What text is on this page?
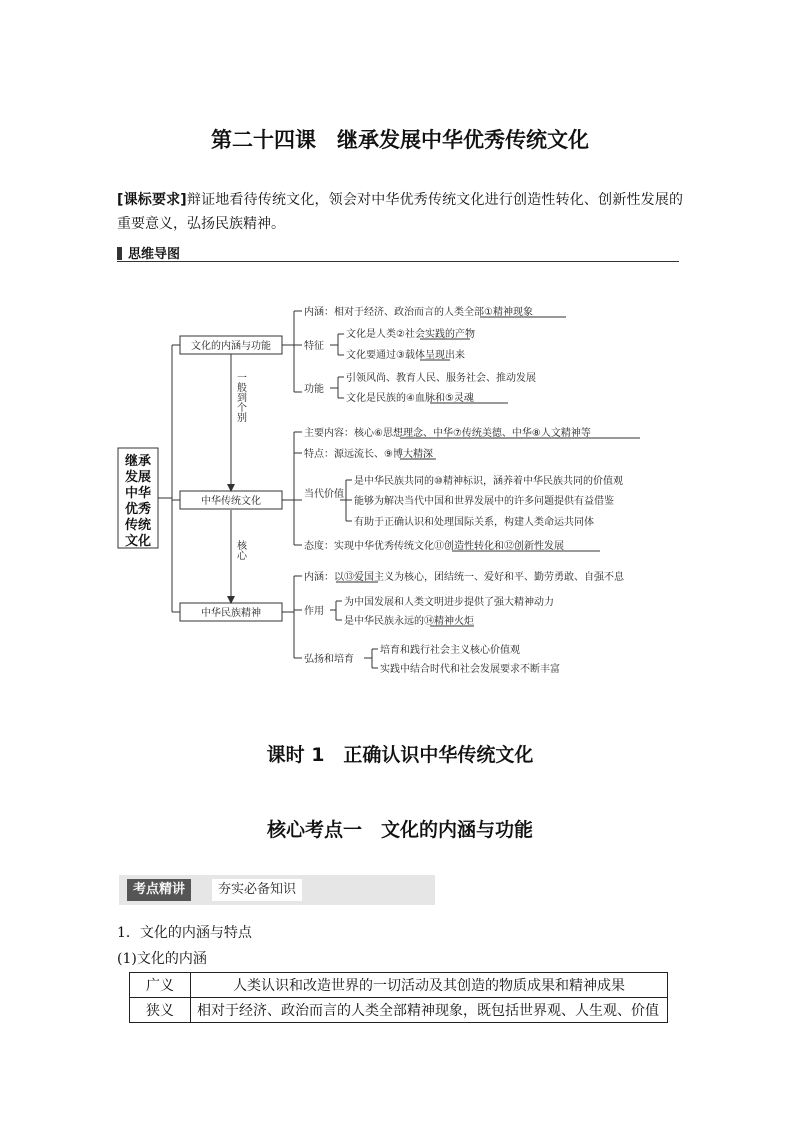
第二十四课　继承发展中华优秀传统文化
[课标要求]辩证地看待传统文化，领会对中华优秀传统文化进行创造性转化、创新性发展的重要意义，弘扬民族精神。
思维导图
继承
发展
中华
优秀
传统
文化
文化的内涵与功能
内涵：相对于经济、政治而言的人类全部①精神现象
特征
文化是人类②社会实践的产物
文化要通过③载体呈现出来
功能
引领风尚、教育人民、服务社会、推动发展
文化是民族的④血脉和⑤灵魂
一般到个别
核心
中华传统文化
主要内容：核心⑥思想理念、中华⑦传统美德、中华⑧人文精神等
特点：源远流长、⑨博大精深
当代价值
是中华民族共同的⑩精神标识，涵养着中华民族共同的价值观
能够为解决当代中国和世界发展中的许多问题提供有益借鉴
有助于正确认识和处理国际关系，构建人类命运共同体
态度：实现中华优秀传统文化⑪创造性转化和⑫创新性发展
中华民族精神
内涵：以⑬爱国主义为核心，团结统一、爱好和平、勤劳勇敢、自强不息
作用
为中国发展和人类文明进步提供了强大精神动力
是中华民族永远的⑭精神火炬
弘扬和培育
培育和践行社会主义核心价值观
实践中结合时代和社会发展要求不断丰富
课时 1　正确认识中华传统文化
核心考点一　文化的内涵与功能
考点精讲	夯实必备知识
1．文化的内涵与特点
(1)文化的内涵
广义	人类认识和改造世界的一切活动及其创造的物质成果和精神成果
狭义	相对于经济、政治而言的人类全部精神现象，既包括世界观、人生观、价值
